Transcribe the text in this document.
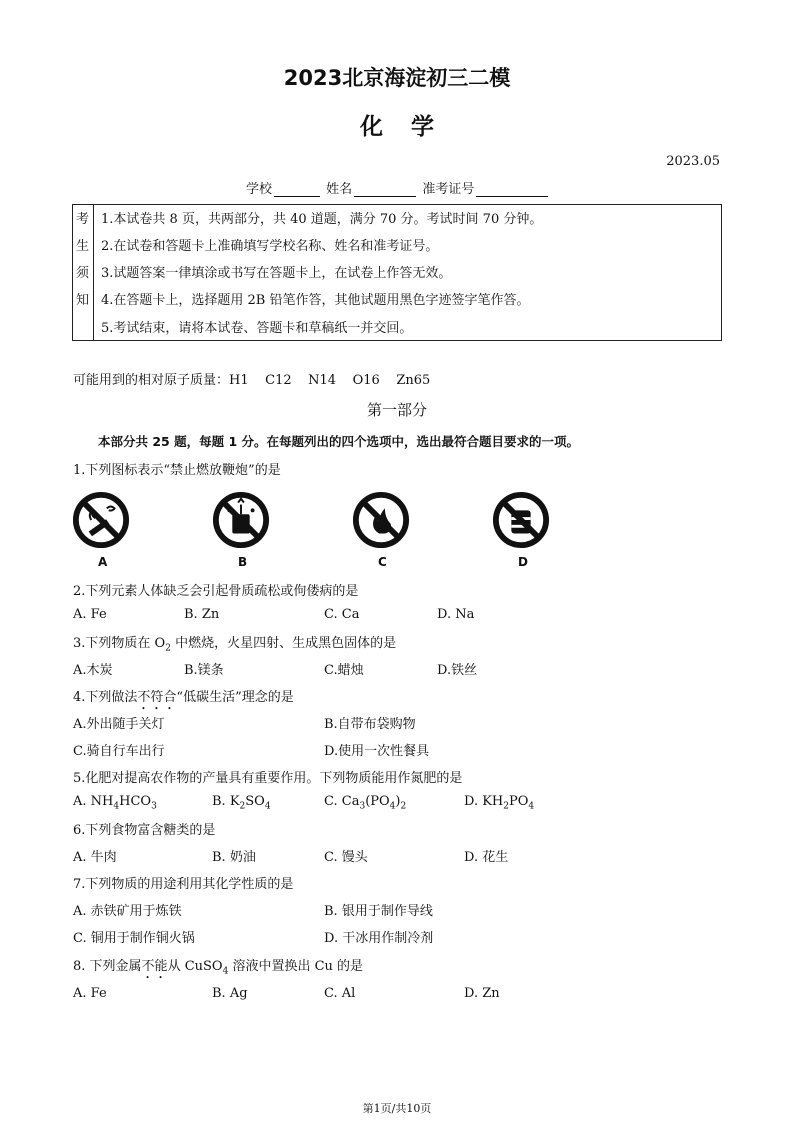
2023北京海淀初三二模
化学
2023.05
学校	姓名	准考证号
考
生
须
知
1.本试卷共 8 页，共两部分，共 40 道题，满分 70 分。考试时间 70 分钟。
2.在试卷和答题卡上准确填写学校名称、姓名和准考证号。
3.试题答案一律填涂或书写在答题卡上，在试卷上作答无效。
4.在答题卡上，选择题用 2B 铅笔作答，其他试题用黑色字迹签字笔作答。
5.考试结束，请将本试卷、答题卡和草稿纸一并交回。
可能用到的相对原子质量：H1    C12    N14    O16    Zn65
第一部分
本部分共 25 题，每题 1 分。在每题列出的四个选项中，选出最符合题目要求的一项。
1.下列图标表示“禁止燃放鞭炮”的是
A	B	C	D
2.下列元素人体缺乏会引起骨质疏松或佝偻病的是
A. Fe	B. Zn	C. Ca	D. Na
3.下列物质在 $O_2$ 中燃烧，火星四射、生成黑色固体的是
A.木炭	B.镁条	C.蜡烛	D.铁丝
4.下列做法不符合“低碳生活”理念的是
A.外出随手关灯	B.自带布袋购物
C.骑自行车出行	D.使用一次性餐具
5.化肥对提高农作物的产量具有重要作用。下列物质能用作氮肥的是
A. $NH_4HCO_3$	B. $K_2SO_4$	C. $Ca_3(PO_4)_2$	D. $KH_2PO_4$
6.下列食物富含糖类的是
A. 牛肉	B. 奶油	C. 馒头	D. 花生
7.下列物质的用途利用其化学性质的是
A. 赤铁矿用于炼铁	B. 银用于制作导线
C. 铜用于制作铜火锅	D. 干冰用作制冷剂
8. 下列金属不能从 CuSO$_4$ 溶液中置换出 Cu 的是
A. Fe	B. Ag	C. Al	D. Zn
第1页/共10页
